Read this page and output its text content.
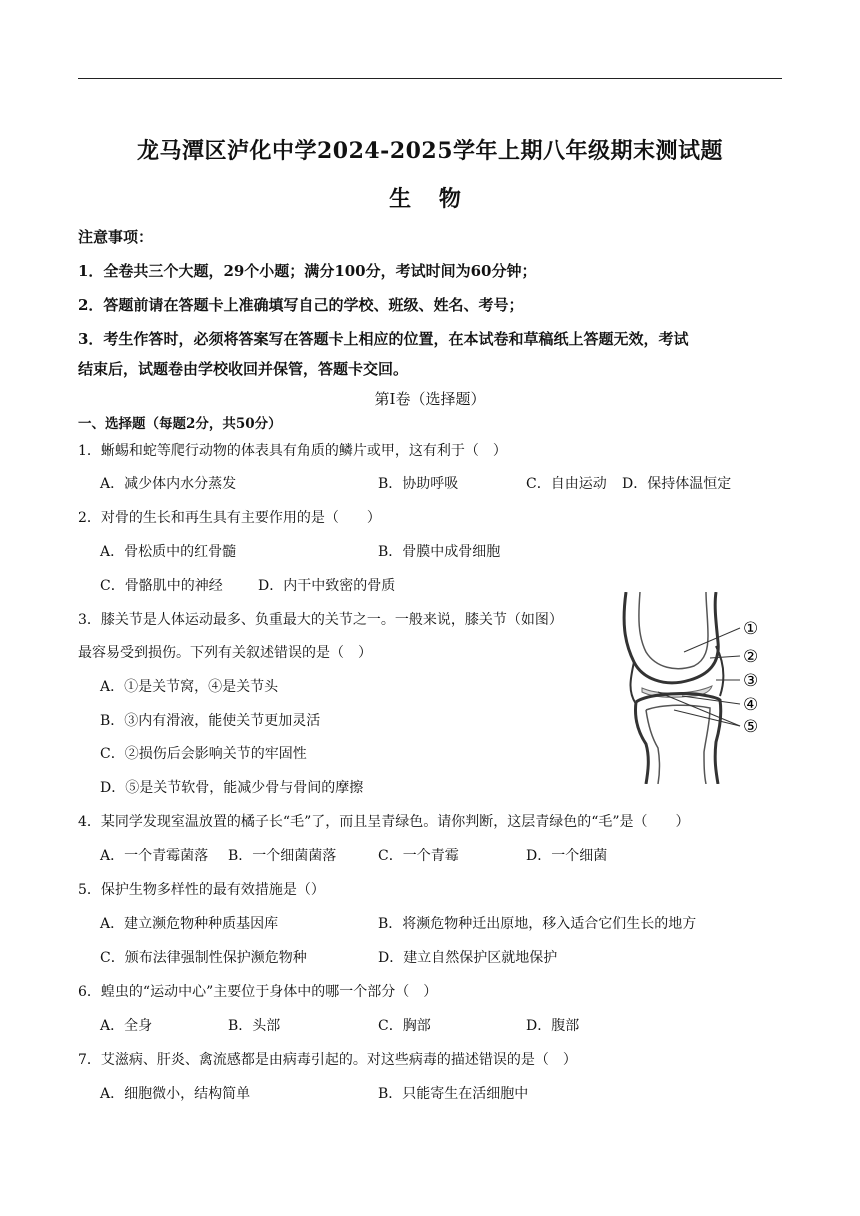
龙马潭区泸化中学2024-2025学年上期八年级期末测试题
生 物
注意事项：
1．全卷共三个大题，29个小题；满分100分，考试时间为60分钟；
2．答题前请在答题卡上准确填写自己的学校、班级、姓名、考号；
3．考生作答时，必须将答案写在答题卡上相应的位置，在本试卷和草稿纸上答题无效，考试
结束后，试题卷由学校收回并保管，答题卡交回。
第Ⅰ卷（选择题）
一、选择题（每题2分，共50分）
1．蜥蜴和蛇等爬行动物的体表具有角质的鳞片或甲，这有利于（　）
A．减少体内水分蒸发	B．协助呼吸	C．自由运动 D．保持体温恒定
2．对骨的生长和再生具有主要作用的是（　　）
A．骨松质中的红骨髓	B．骨膜中成骨细胞
C．骨骼肌中的神经	D．内干中致密的骨质
3．膝关节是人体运动最多、负重最大的关节之一。一般来说，膝关节（如图）
最容易受到损伤。下列有关叙述错误的是（　）
A．①是关节窝，④是关节头
B．③内有滑液，能使关节更加灵活
C．②损伤后会影响关节的牢固性
D．⑤是关节软骨，能减少骨与骨间的摩擦
①
②
③
④
⑤
4．某同学发现室温放置的橘子长“毛”了，而且呈青绿色。请你判断，这层青绿色的“毛”是（　　）
A．一个青霉菌落 B．一个细菌菌落	C．一个青霉	D．一个细菌
5．保护生物多样性的最有效措施是（）
A．建立濒危物种种质基因库	B．将濒危物种迁出原地，移入适合它们生长的地方
C．颁布法律强制性保护濒危物种	D．建立自然保护区就地保护
6．蝗虫的“运动中心”主要位于身体中的哪一个部分（　）
A．全身	B．头部	C．胸部	D．腹部
7．艾滋病、肝炎、禽流感都是由病毒引起的。对这些病毒的描述错误的是（　）
A．细胞微小，结构简单	B．只能寄生在活细胞中
